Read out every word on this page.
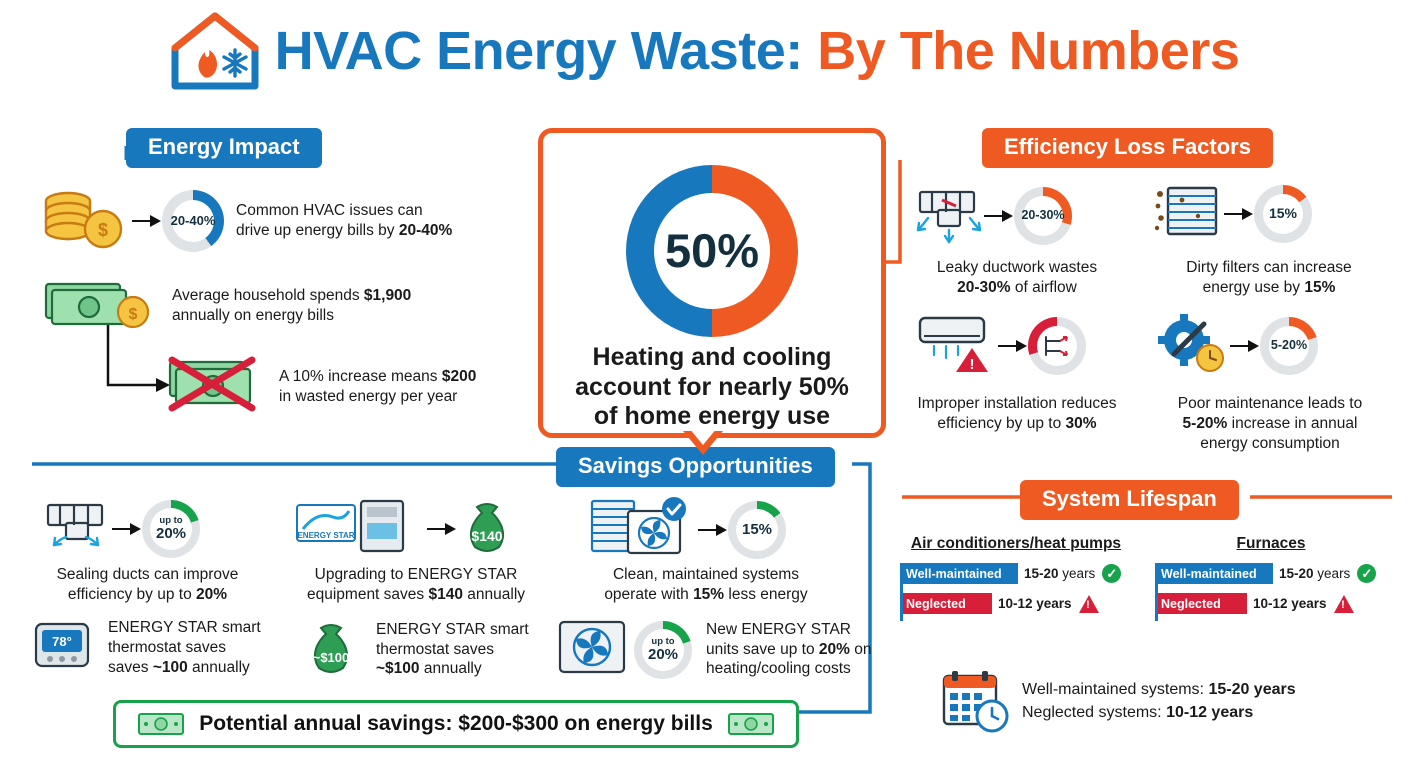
HVAC Energy Waste: By The Numbers
Energy Impact
$	20-40%
Common HVAC issues can
drive up energy bills by 20-40%
$
Average household spends $1,900
annually on energy bills
A 10% increase means $200
in wasted energy per year
50%
Heating and cooling
account for nearly 50%
of home energy use
Efficiency Loss Factors
20-30%
Leaky ductwork wastes
20-30% of airflow
15%
Dirty filters can increase
energy use by 15%
!
Improper installation reduces
efficiency by up to 30%
5-20%
Poor maintenance leads to
5-20% increase in annual
energy consumption
Savings Opportunities
up to
20%
Sealing ducts can improve
efficiency by up to 20%
ENERGY STAR	$140
Upgrading to ENERGY STAR
equipment saves $140 annually
15%
Clean, maintained systems
operate with 15% less energy
78°
ENERGY STAR smart
thermostat saves
saves ~100 annually
~$100
ENERGY STAR smart
thermostat saves
~$100 annually
up to
20%
New ENERGY STAR
units save up to 20% on
heating/cooling costs
Potential annual savings: $200-$300 on energy bills
System Lifespan
Air conditioners/heat pumps
Well-maintained 15-20 years ✓
Neglected 10-12 years
!
Furnaces
Well-maintained 15-20 years ✓
Neglected 10-12 years
!
Well-maintained systems: 15-20 years
Neglected systems: 10-12 years
